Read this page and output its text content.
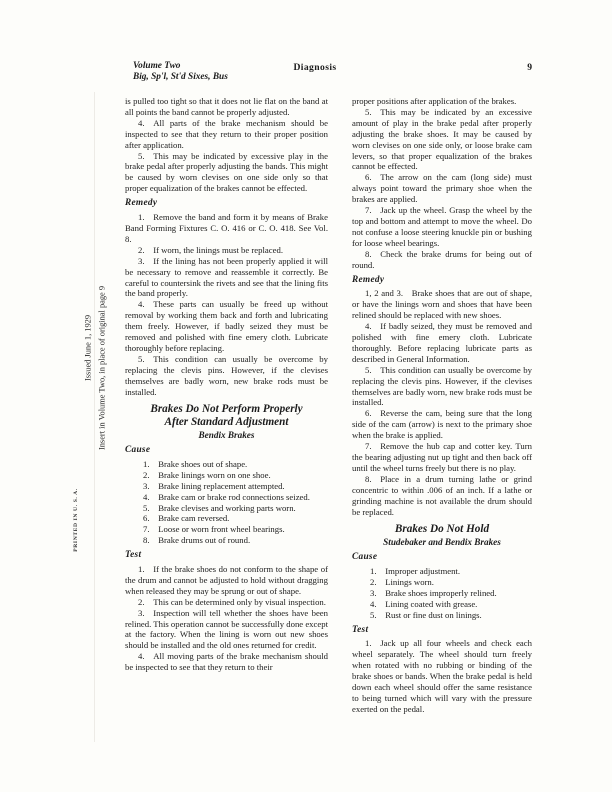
Volume Two
Big, Sp'l, St'd Sixes, Bus
Diagnosis	9
Issued June 1, 1929 Insert in Volume Two, in place of original page 9
PRINTED IN U. S. A.

is pulled too tight so that it does not lie flat on the band at all points the band cannot be properly adjusted.

4. All parts of the brake mechanism should be inspected to see that they return to their proper position after application.

5. This may be indicated by excessive play in the brake pedal after properly adjusting the bands. This might be caused by worn clevises on one side only so that proper equalization of the brakes cannot be effected.

Remedy

1. Remove the band and form it by means of Brake Band Forming Fixtures C. O. 416 or C. O. 418. See Vol. 8.

2. If worn, the linings must be replaced.

3. If the lining has not been properly applied it will be necessary to remove and reassemble it correctly. Be careful to countersink the rivets and see that the lining fits the band properly.

4. These parts can usually be freed up without removal by working them back and forth and lubricating them freely. However, if badly seized they must be removed and polished with fine emery cloth. Lubricate thoroughly before replacing.

5. This condition can usually be overcome by replacing the clevis pins. However, if the clevises themselves are badly worn, new brake rods must be installed.

Brakes Do Not Perform Properly
After Standard Adjustment
Bendix Brakes

Cause

1. Brake shoes out of shape.

2. Brake linings worn on one shoe.

3. Brake lining replacement attempted.

4. Brake cam or brake rod connections seized.

5. Brake clevises and working parts worn.

6. Brake cam reversed.

7. Loose or worn front wheel bearings.

8. Brake drums out of round.

Test

1. If the brake shoes do not conform to the shape of the drum and cannot be adjusted to hold without dragging when released they may be sprung or out of shape.

2. This can be determined only by visual inspection.

3. Inspection will tell whether the shoes have been relined. This operation cannot be successfully done except at the factory. When the lining is worn out new shoes should be installed and the old ones returned for credit.

4. All moving parts of the brake mechanism should be inspected to see that they return to their

proper positions after application of the brakes.

5. This may be indicated by an excessive amount of play in the brake pedal after properly adjusting the brake shoes. It may be caused by worn clevises on one side only, or loose brake cam levers, so that proper equalization of the brakes cannot be effected.

6. The arrow on the cam (long side) must always point toward the primary shoe when the brakes are applied.

7. Jack up the wheel. Grasp the wheel by the top and bottom and attempt to move the wheel. Do not confuse a loose steering knuckle pin or bushing for loose wheel bearings.

8. Check the brake drums for being out of round.

Remedy

1, 2 and 3. Brake shoes that are out of shape, or have the linings worn and shoes that have been relined should be replaced with new shoes.

4. If badly seized, they must be removed and polished with fine emery cloth. Lubricate thoroughly. Before replacing lubricate parts as described in General Information.

5. This condition can usually be overcome by replacing the clevis pins. However, if the clevises themselves are badly worn, new brake rods must be installed.

6. Reverse the cam, being sure that the long side of the cam (arrow) is next to the primary shoe when the brake is applied.

7. Remove the hub cap and cotter key. Turn the bearing adjusting nut up tight and then back off until the wheel turns freely but there is no play.

8. Place in a drum turning lathe or grind concentric to within .006 of an inch. If a lathe or grinding machine is not available the drum should be replaced.

Brakes Do Not Hold
Studebaker and Bendix Brakes

Cause

1. Improper adjustment.

2. Linings worn.

3. Brake shoes improperly relined.

4. Lining coated with grease.

5. Rust or fine dust on linings.

Test

1. Jack up all four wheels and check each wheel separately. The wheel should turn freely when rotated with no rubbing or binding of the brake shoes or bands. When the brake pedal is held down each wheel should offer the same resistance to being turned which will vary with the pressure exerted on the pedal.
